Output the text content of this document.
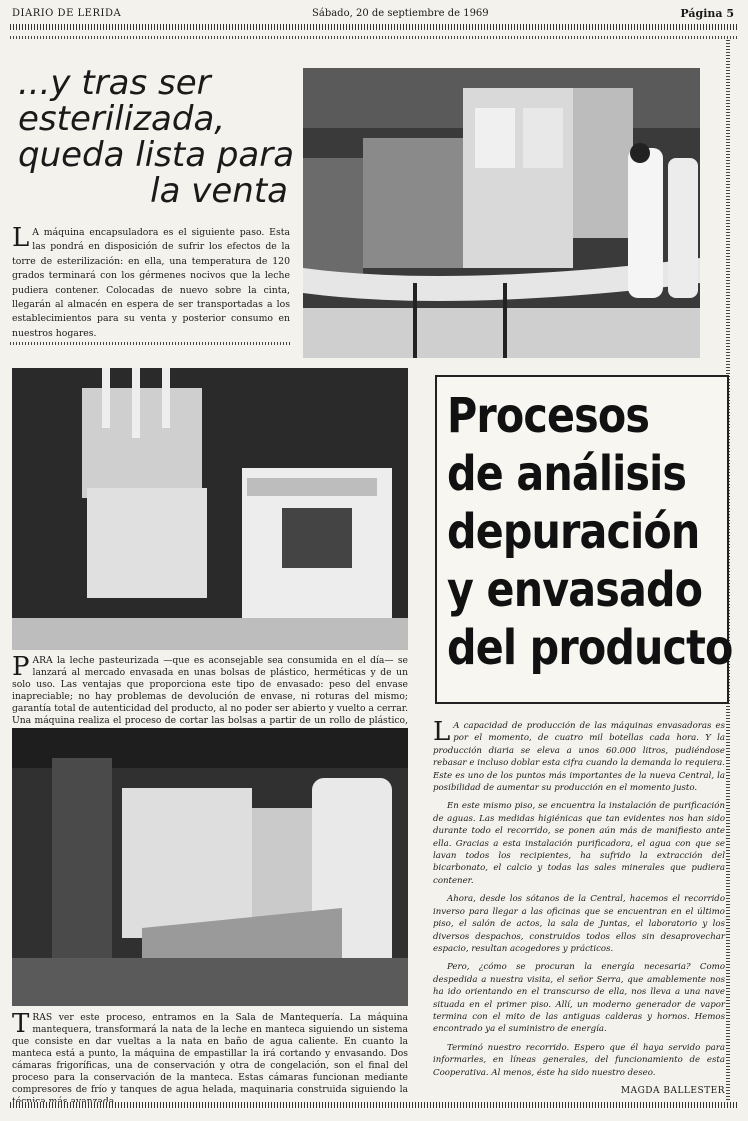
DIARIO DE LERIDA	Sábado, 20 de septiembre de 1969	Página 5
...y tras ser
esterilizada,
queda lista para
la venta
L A máquina encapsuladora es el siguiente paso. Esta las pondrá en disposición de sufrir los efectos de la torre de esterilización: en ella, una temperatura de 120 grados terminará con los gérmenes nocivos que la leche pudiera contener. Colocadas de nuevo sobre la cinta, llegarán al almacén en espera de ser transportadas a los establecimientos para su venta y posterior consumo en nuestros hogares.
P ARA la leche pasteurizada —que es aconsejable sea consumida en el día— se lanzará al mercado envasada en unas bolsas de plástico, herméticas y de un solo uso. Las ventajas que proporciona este tipo de envasado: peso del envase inapreciable; no hay problemas de devolución de envase, ni roturas del mismo; garantía total de autenticidad del producto, al no poder ser abierto y vuelto a cerrar. Una máquina realiza el proceso de cortar las bolsas a partir de un rollo de plástico,
Procesos
de análisis
depuración
y envasado
del producto
T RAS ver este proceso, entramos en la Sala de Mantequería. La máquina mantequera, transformará la nata de la leche en manteca siguiendo un sistema que consiste en dar vueltas a la nata en baño de agua caliente. En cuanto la manteca está a punto, la máquina de empastillar la irá cortando y envasando. Dos cámaras frigoríficas, una de conservación y otra de congelación, son el final del proceso para la conservación de la manteca. Estas cámaras funcionan mediante compresores de frío y tanques de agua helada, maquinaria construida siguiendo la

L A capacidad de producción de las máquinas envasadoras es por el momento, de cuatro mil botellas cada hora. Y la producción diaria se eleva a unos 60.000 litros, pudiéndose rebasar e incluso doblar esta cifra cuando la demanda lo requiera. Este es uno de los puntos más importantes de la nueva Central, la posibilidad de aumentar su producción en el momento justo.

En este mismo piso, se encuentra la instalación de purificación de aguas. Las medidas higiénicas que tan evidentes nos han sido durante todo el recorrido, se ponen aún más de manifiesto ante ella. Gracias a esta instalación purificadora, el agua con que se lavan todos los recipientes, ha sufrido la extracción del bicarbonato, el calcio y todas las sales minerales que pudiera contener.

Ahora, desde los sótanos de la Central, hacemos el recorrido inverso para llegar a las oficinas que se encuentran en el último piso, el salón de actos, la sala de Juntas, el laboratorio y los diversos despachos, construidos todos ellos sin desaprovechar espacio, resultan acogedores y prácticos.

Pero, ¿cómo se procuran la energía necesaria? Como despedida a nuestra visita, el señor Serra, que amablemente nos ha ido orientando en el transcurso de ella, nos lleva a una nave situada en el primer piso. Allí, un moderno generador de vapor termina con el mito de las antiguas calderas y hornos. Hemos encontrado ya el suministro de energía.

Terminó nuestro recorrido. Espero que él haya servido para informarles, en líneas generales, del funcionamiento de esta Cooperativa. Al menos, éste ha sido nuestro deseo.

MAGDA BALLESTER
